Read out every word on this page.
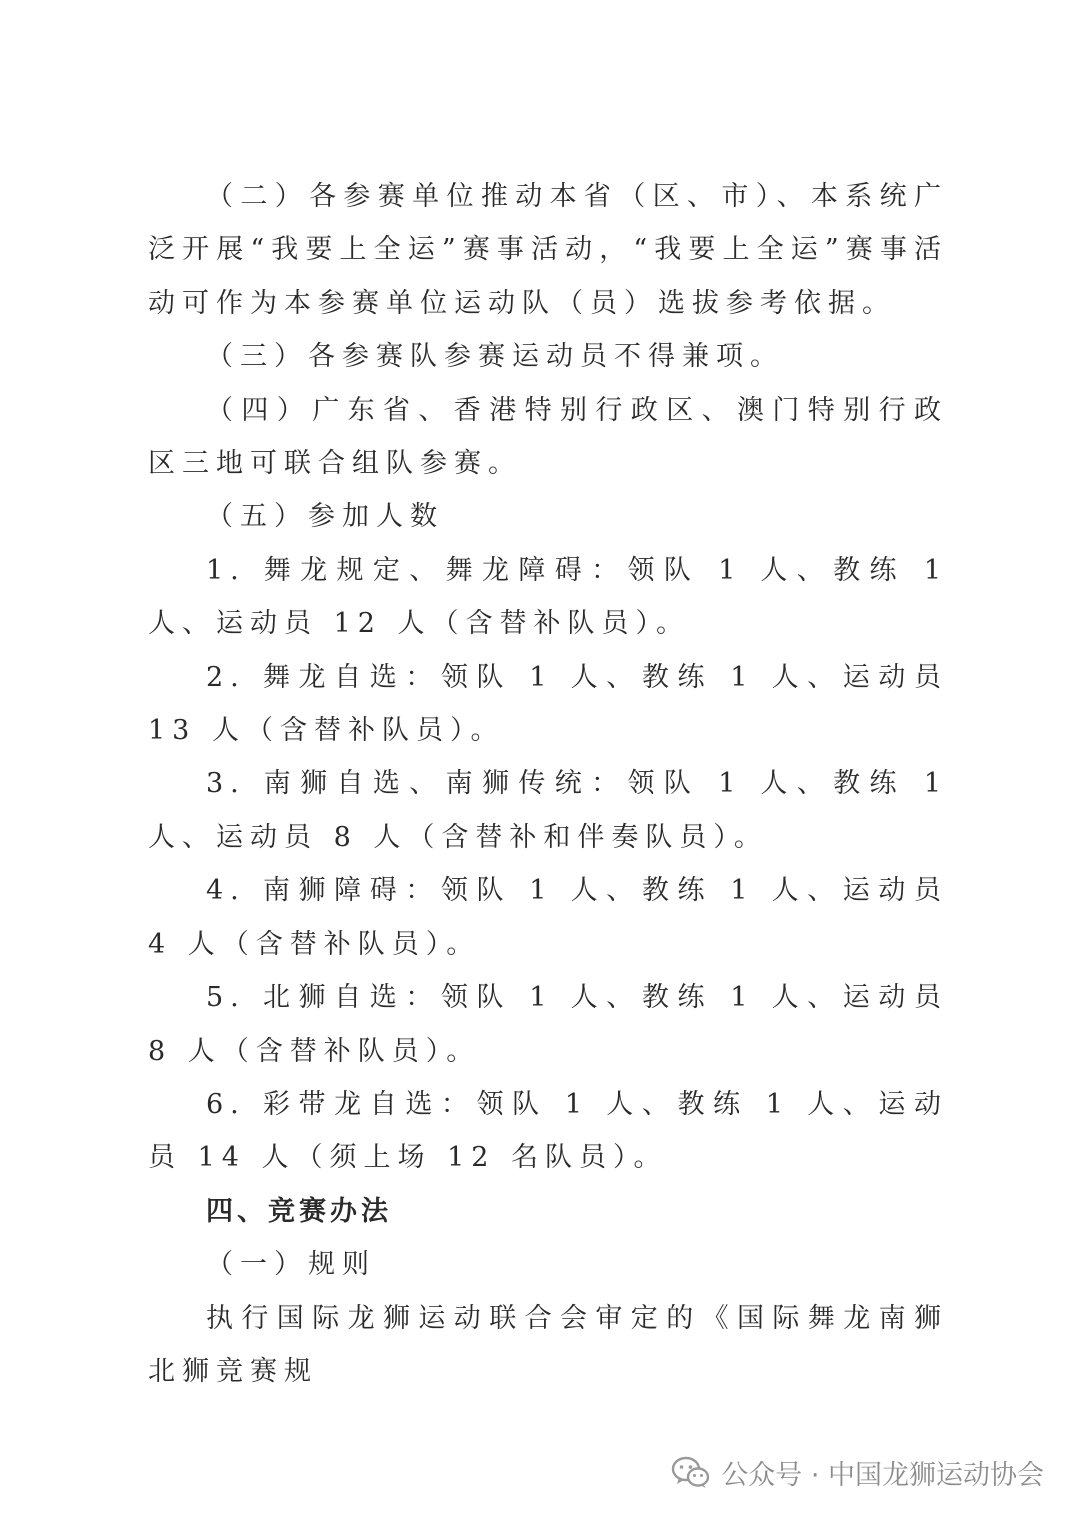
（二）各参赛单位推动本省（区、市）、本系统广泛开展“我要上全运”赛事活动，“我要上全运”赛事活动可作为本参赛单位运动队（员）选拔参考依据。

（三）各参赛队参赛运动员不得兼项。

（四）广东省、香港特别行政区、澳门特别行政区三地可联合组队参赛。

（五）参加人数

1. 舞龙规定、舞龙障碍：领队 1 人、教练 1 人、运动员 12 人（含替补队员）。

2. 舞龙自选：领队 1 人、教练 1 人、运动员 13 人（含替补队员）。

3. 南狮自选、南狮传统：领队 1 人、教练 1 人、运动员 8 人（含替补和伴奏队员）。

4. 南狮障碍：领队 1 人、教练 1 人、运动员 4 人（含替补队员）。

5. 北狮自选：领队 1 人、教练 1 人、运动员 8 人（含替补队员）。

6. 彩带龙自选：领队 1 人、教练 1 人、运动员 14 人（须上场 12 名队员）。

四、竞赛办法

（一）规则

执行国际龙狮运动联合会审定的《国际舞龙南狮北狮竞赛规

公众号 · 中国龙狮运动协会
